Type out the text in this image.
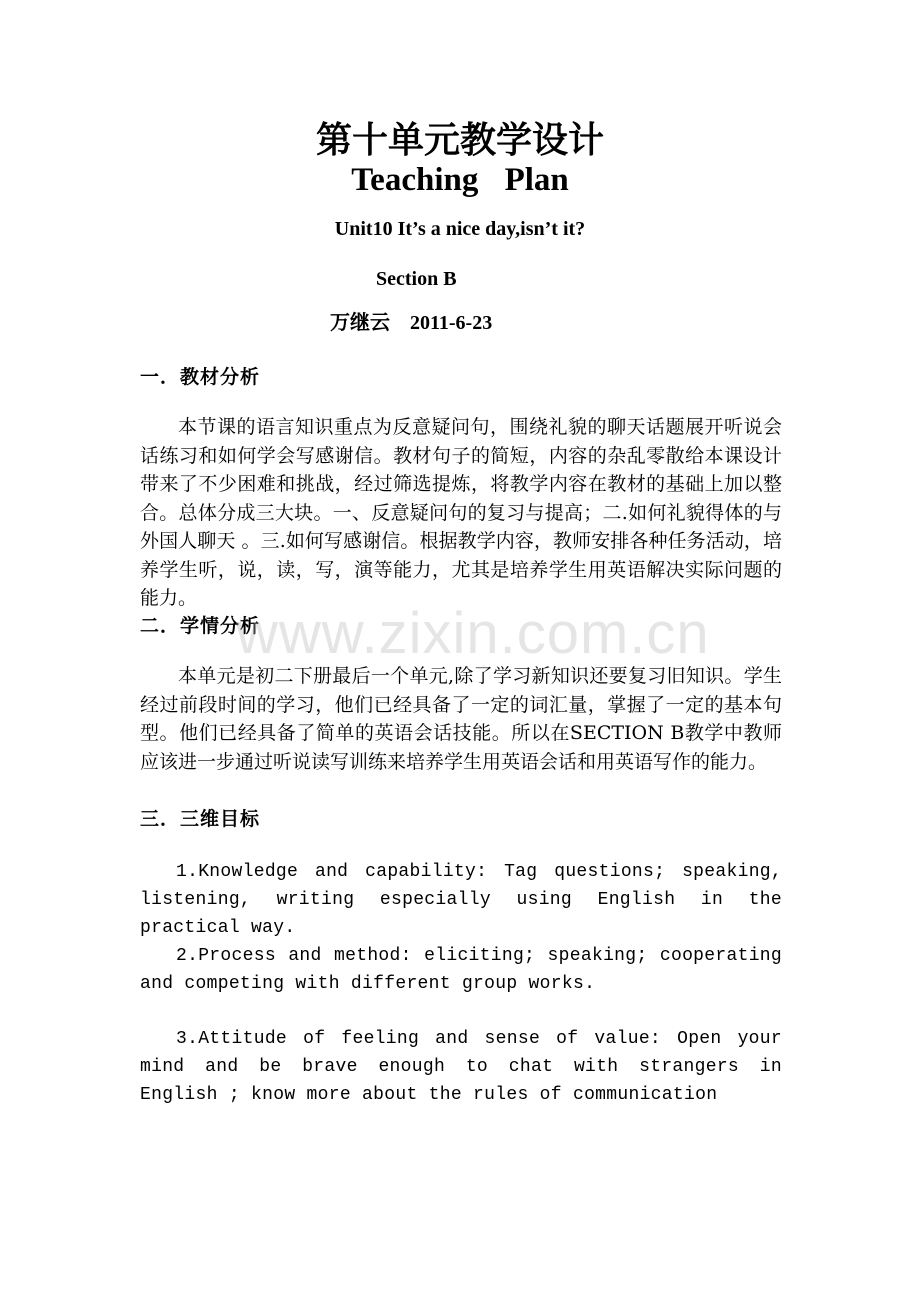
第十单元教学设计
Teaching Plan
Unit10 It’s a nice day,isn’t it?
Section B
万继云 2011-6-23
一．教材分析
本节课的语言知识重点为反意疑问句，围绕礼貌的聊天话题展开听说会话练习和如何学会写感谢信。教材句子的简短，内容的杂乱零散给本课设计带来了不少困难和挑战，经过筛选提炼，将教学内容在教材的基础上加以整合。总体分成三大块。一、反意疑问句的复习与提高；二.如何礼貌得体的与外国人聊天 。三.如何写感谢信。根据教学内容，教师安排各种任务活动，培养学生听，说，读，写，演等能力，尤其是培养学生用英语解决实际问题的能力。
二．学情分析
本单元是初二下册最后一个单元,除了学习新知识还要复习旧知识。学生经过前段时间的学习，他们已经具备了一定的词汇量，掌握了一定的基本句型。他们已经具备了简单的英语会话技能。所以在SECTION B教学中教师应该进一步通过听说读写训练来培养学生用英语会话和用英语写作的能力。
三．三维目标
1.Knowledge and capability: Tag questions; speaking, listening, writing especially using English in the practical way.
2.Process and method: eliciting; speaking; cooperating and competing with different group works.
3.Attitude of feeling and sense of value: Open your mind and be brave enough to chat with strangers in English ; know more about the rules of communication
www.zixin.com.cn
